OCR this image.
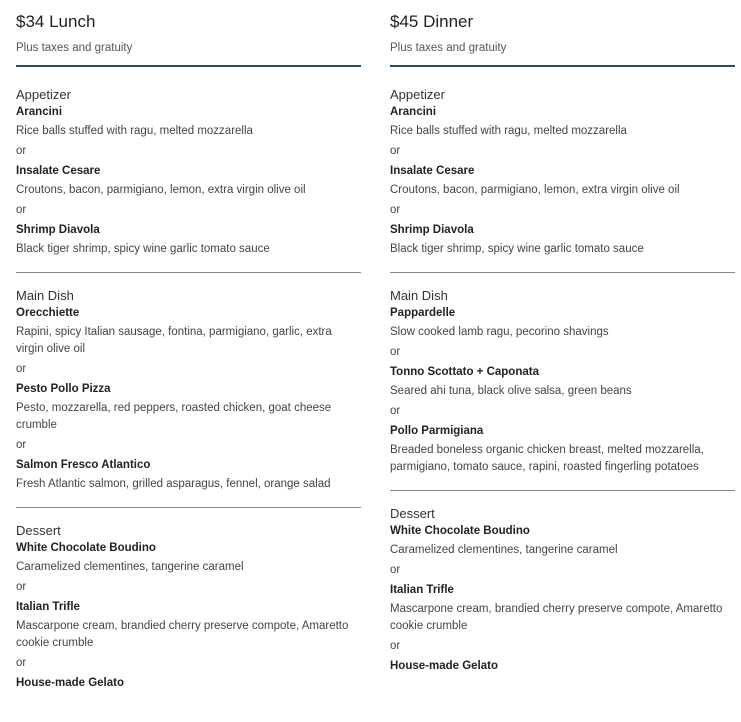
$34 Lunch
Plus taxes and gratuity
Appetizer
Arancini
Rice balls stuffed with ragu, melted mozzarella
or
Insalate Cesare
Croutons, bacon, parmigiano, lemon, extra virgin olive oil
or
Shrimp Diavola
Black tiger shrimp, spicy wine garlic tomato sauce
Main Dish
Orecchiette
Rapini, spicy Italian sausage, fontina, parmigiano, garlic, extra virgin olive oil
or
Pesto Pollo Pizza
Pesto, mozzarella, red peppers, roasted chicken, goat cheese crumble
or
Salmon Fresco Atlantico
Fresh Atlantic salmon, grilled asparagus, fennel, orange salad
Dessert
White Chocolate Boudino
Caramelized clementines, tangerine caramel
or
Italian Trifle
Mascarpone cream, brandied cherry preserve compote, Amaretto cookie crumble
or
House-made Gelato
$45 Dinner
Plus taxes and gratuity
Appetizer
Arancini
Rice balls stuffed with ragu, melted mozzarella
or
Insalate Cesare
Croutons, bacon, parmigiano, lemon, extra virgin olive oil
or
Shrimp Diavola
Black tiger shrimp, spicy wine garlic tomato sauce
Main Dish
Pappardelle
Slow cooked lamb ragu, pecorino shavings
or
Tonno Scottato + Caponata
Seared ahi tuna, black olive salsa, green beans
or
Pollo Parmigiana
Breaded boneless organic chicken breast, melted mozzarella, parmigiano, tomato sauce, rapini, roasted fingerling potatoes
Dessert
White Chocolate Boudino
Caramelized clementines, tangerine caramel
or
Italian Trifle
Mascarpone cream, brandied cherry preserve compote, Amaretto cookie crumble
or
House-made Gelato
